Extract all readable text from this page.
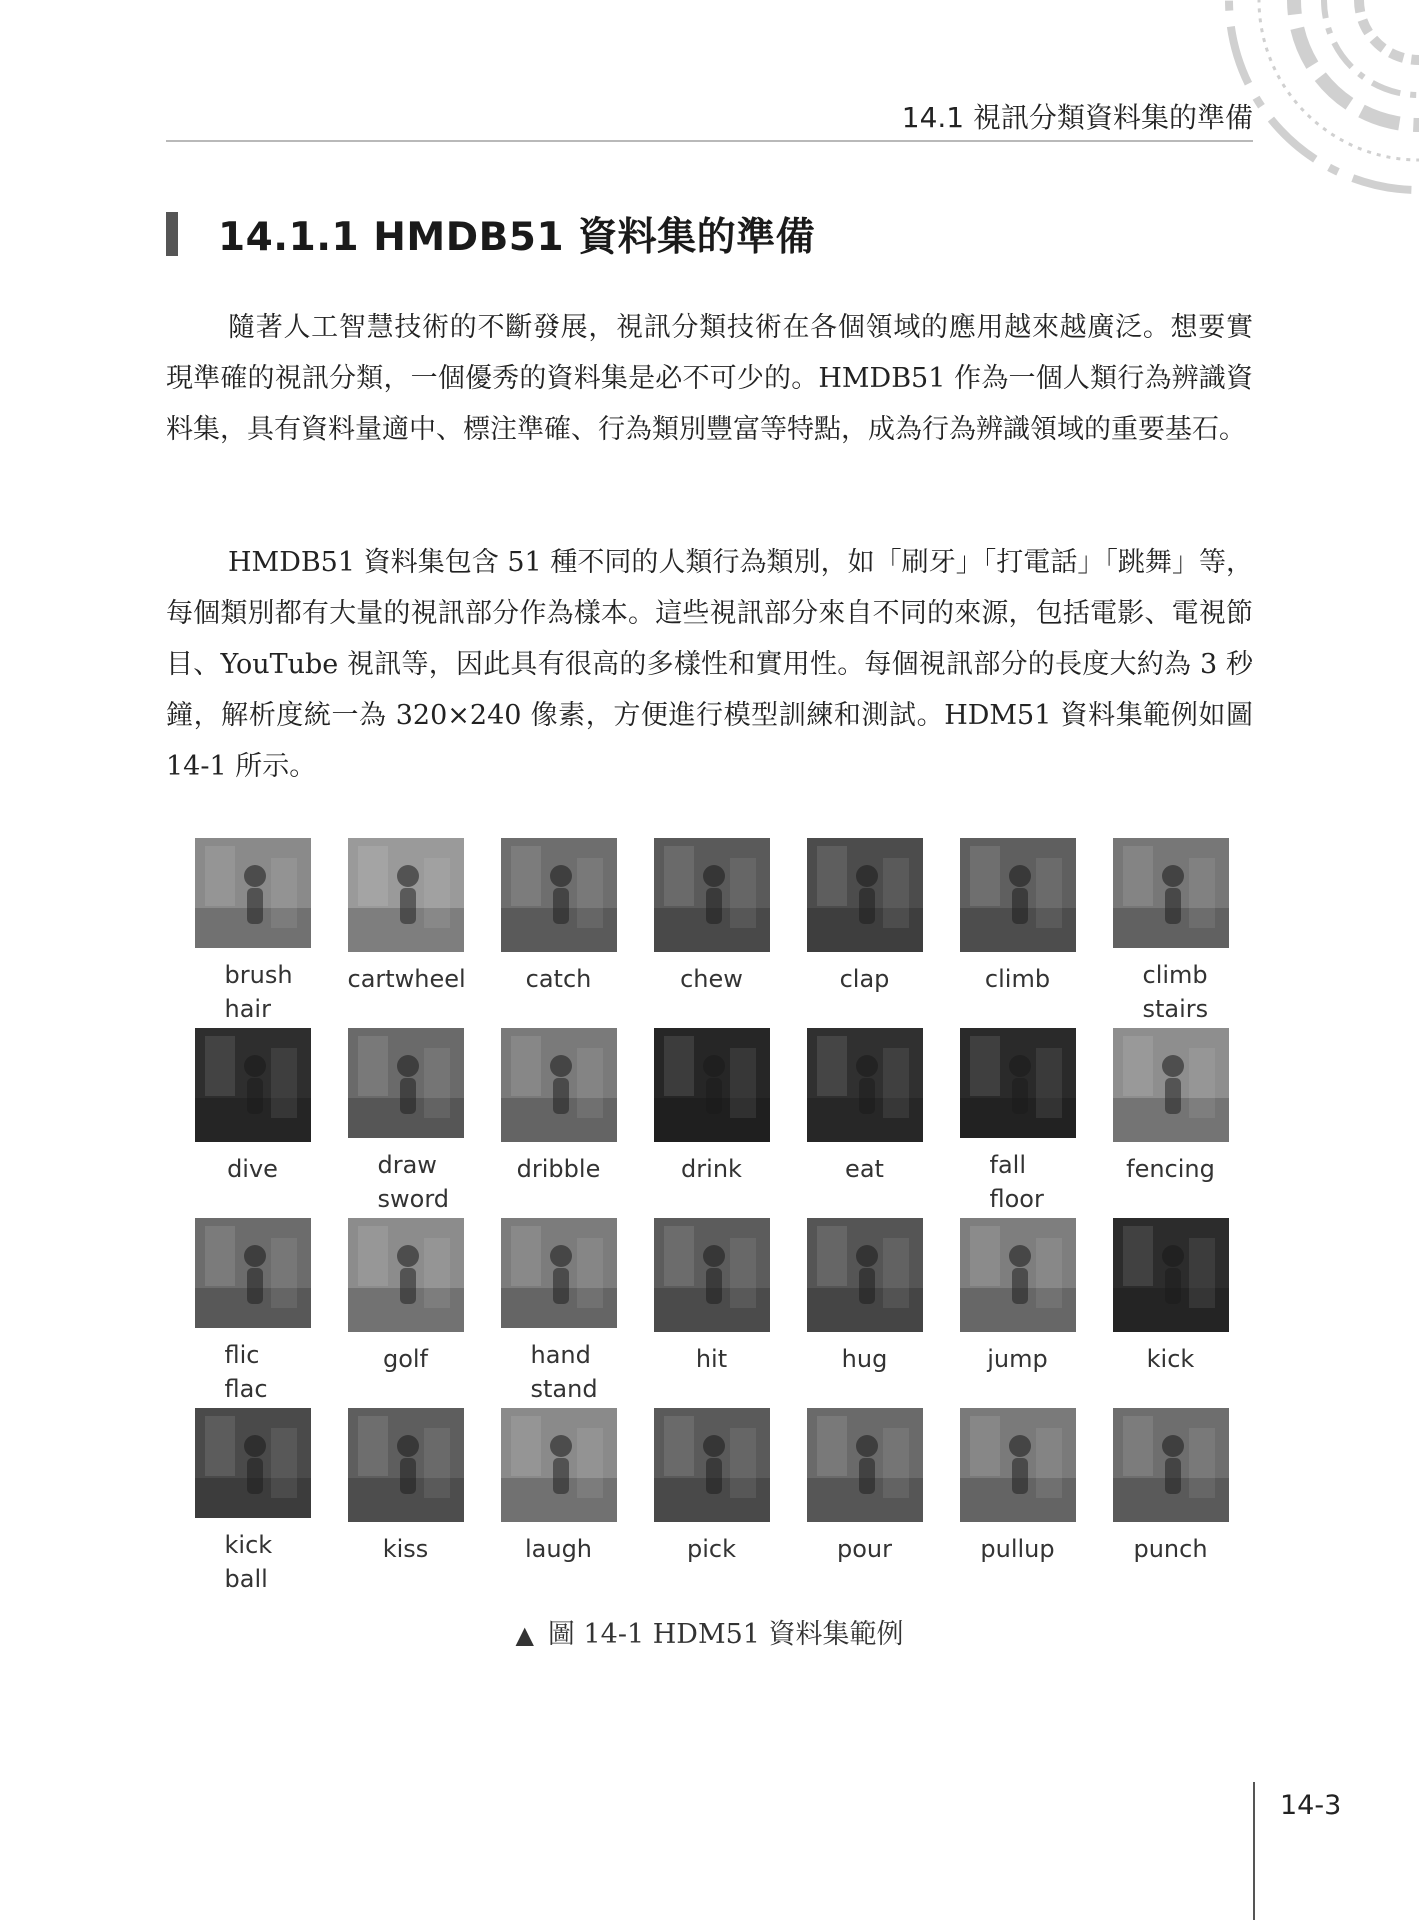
14.1 視訊分類資料集的準備
14.1.1 HMDB51 資料集的準備

隨著人工智慧技術的不斷發展，視訊分類技術在各個領域的應用越來越廣泛。想要實現準確的視訊分類，一個優秀的資料集是必不可少的。HMDB51 作為一個人類行為辨識資料集，具有資料量適中、標注準確、行為類別豐富等特點，成為行為辨識領域的重要基石。

HMDB51 資料集包含 51 種不同的人類行為類別，如「刷牙」「打電話」「跳舞」等，每個類別都有大量的視訊部分作為樣本。這些視訊部分來自不同的來源，包括電影、電視節目、YouTube 視訊等，因此具有很高的多樣性和實用性。每個視訊部分的長度大約為 3 秒鐘，解析度統一為 320×240 像素，方便進行模型訓練和測試。HDM51 資料集範例如圖 14-1 所示。

brush
hair
cartwheel	catch	chew	clap	climb	climb
stairs
dive	draw
sword
dribble	drink	eat	fall
floor
fencing
flic
flac
golf	hand
stand
hit	hug	jump	kick
kick
ball
kiss	laugh	pick	pour	pullup	punch
▲ 圖 14-1 HDM51 資料集範例
14-3
